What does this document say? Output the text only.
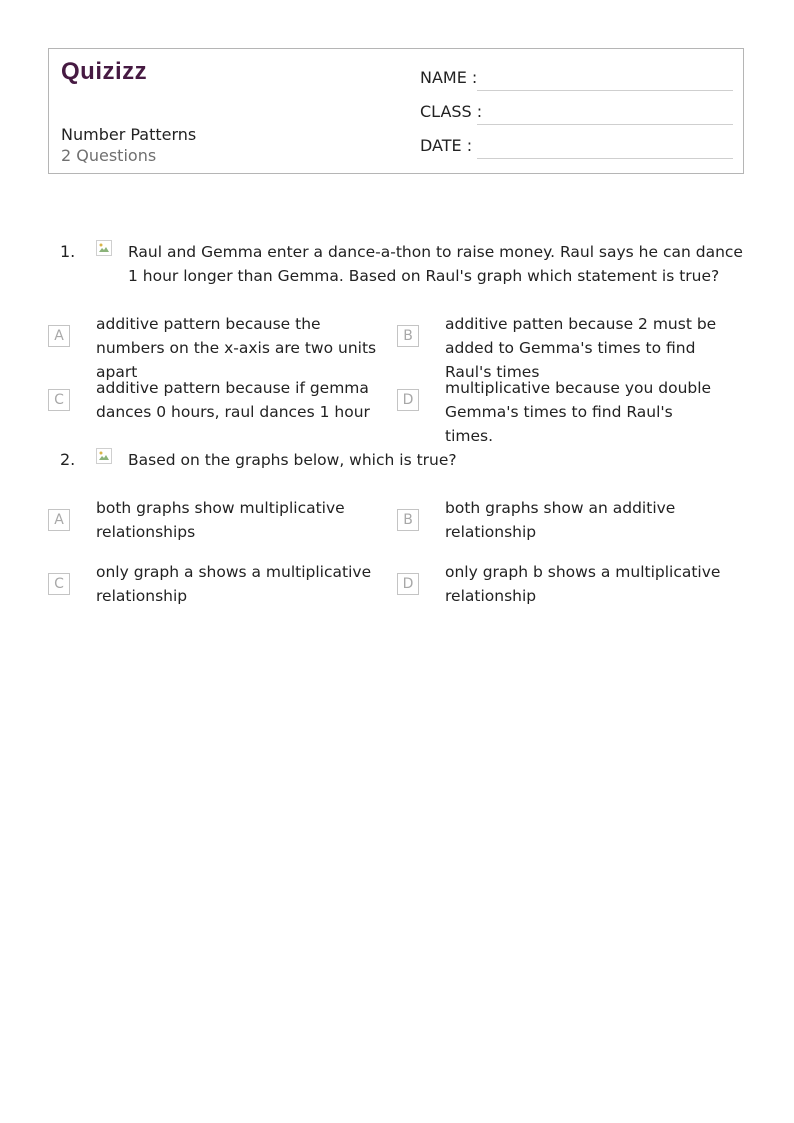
Quizizz
Number Patterns
2 Questions
NAME :
CLASS :
DATE :
1.	Raul and Gemma enter a dance-a-thon to raise money. Raul says he can dance 1 hour longer than Gemma. Based on Raul's graph which statement is true?
A
additive pattern because the numbers on the x-axis are two units apart
B
additive patten because 2 must be added to Gemma's times to find Raul's times
C
additive pattern because if gemma dances 0 hours, raul dances 1 hour
D
multiplicative because you double Gemma's times to find Raul's times.
2.	Based on the graphs below, which is true?
A
both graphs show multiplicative relationships
B
both graphs show an additive relationship
C
only graph a shows a multiplicative relationship
D
only graph b shows a multiplicative relationship
